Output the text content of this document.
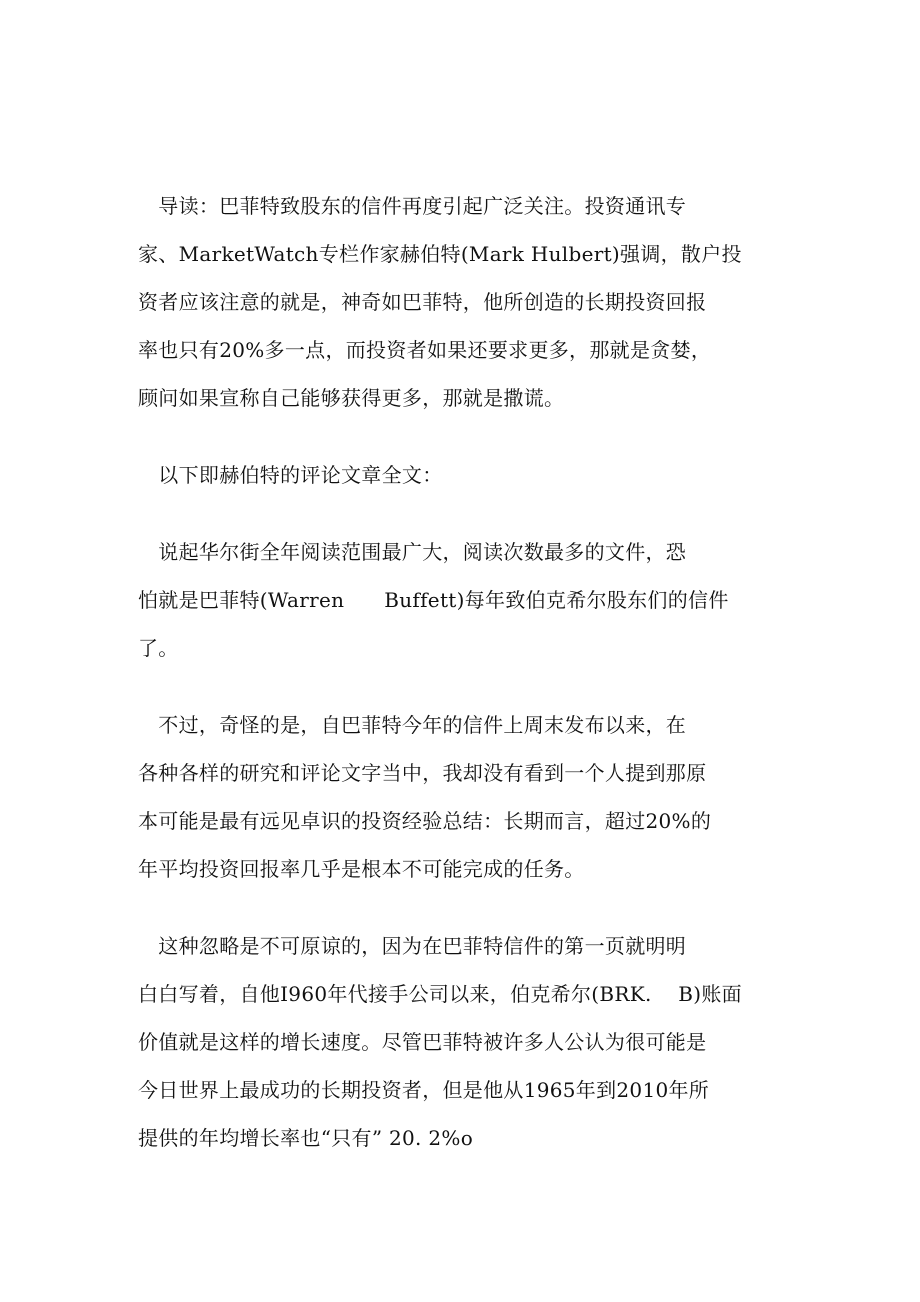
　导读：巴菲特致股东的信件再度引起广泛关注。投资通讯专
家、MarketWatch专栏作家赫伯特(Mark Hulbert)强调，散户投
资者应该注意的就是，神奇如巴菲特，他所创造的长期投资回报
率也只有20%多一点，而投资者如果还要求更多，那就是贪婪，
顾问如果宣称自己能够获得更多，那就是撒谎。
　以下即赫伯特的评论文章全文：
　说起华尔街全年阅读范围最广大，阅读次数最多的文件，恐
怕就是巴菲特(Warren      Buffett)每年致伯克希尔股东们的信件
了。
　不过，奇怪的是，自巴菲特今年的信件上周末发布以来，在
各种各样的研究和评论文字当中，我却没有看到一个人提到那原
本可能是最有远见卓识的投资经验总结：长期而言，超过20%的
年平均投资回报率几乎是根本不可能完成的任务。
　这种忽略是不可原谅的，因为在巴菲特信件的第一页就明明
白白写着，自他I960年代接手公司以来，伯克希尔(BRK.    B)账面
价值就是这样的增长速度。尽管巴菲特被许多人公认为很可能是
今日世界上最成功的长期投资者，但是他从1965年到2010年所
提供的年均增长率也“只有” 20. 2%o
